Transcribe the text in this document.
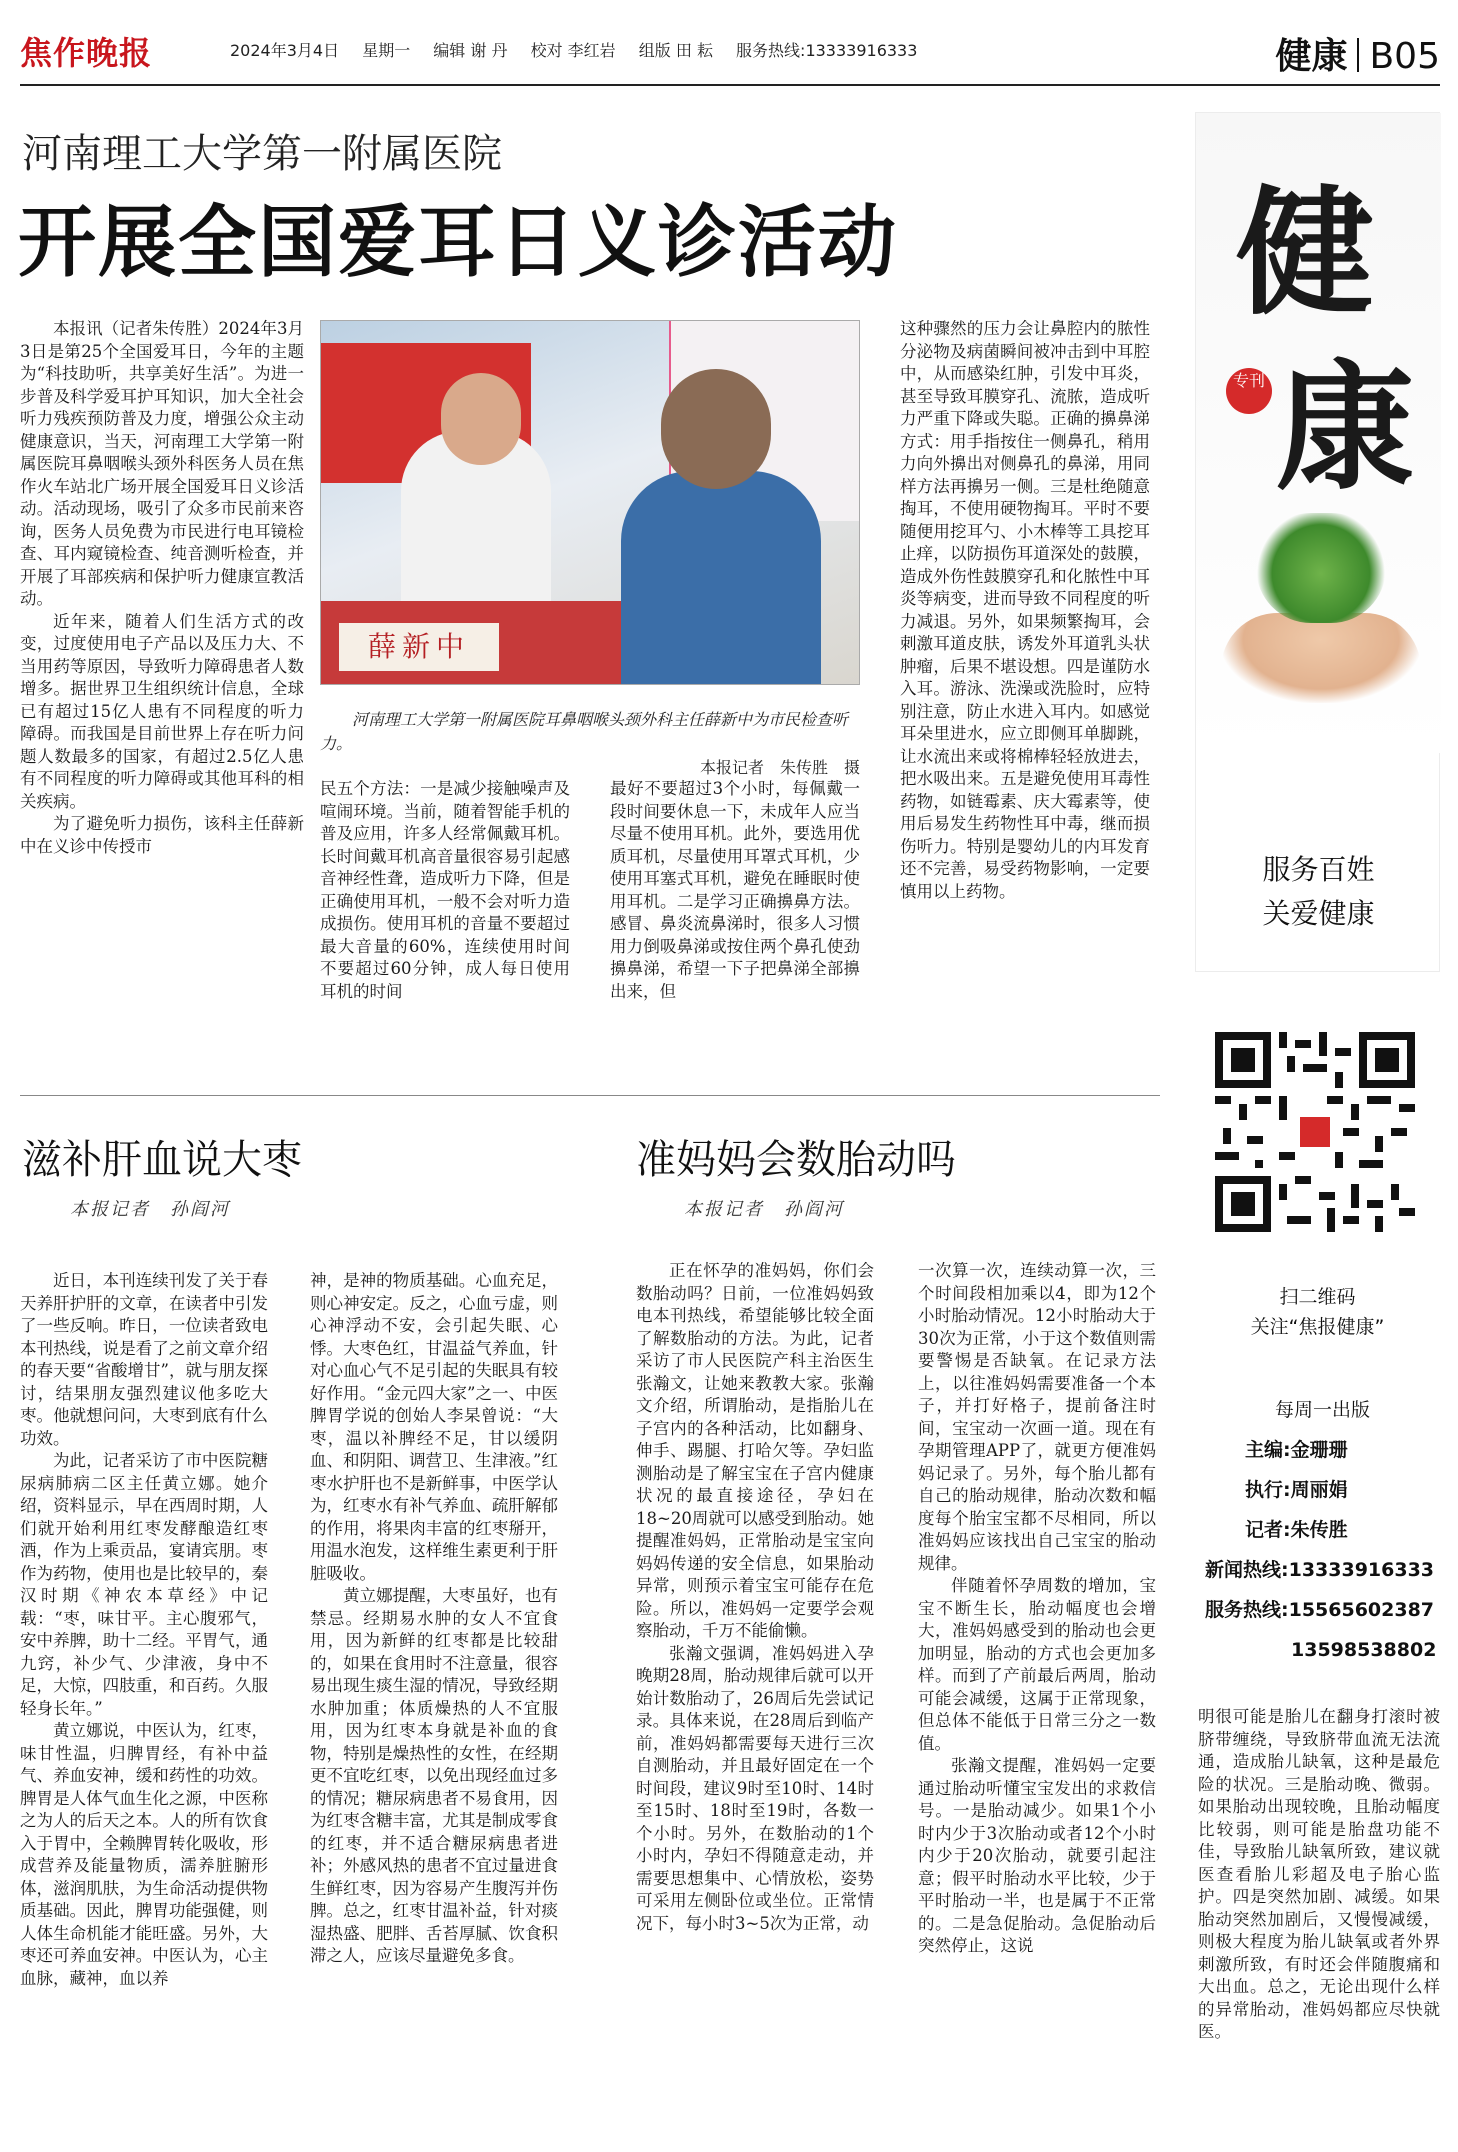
焦作晚报	2024年3月4日 星期一 编辑 谢 丹 校对 李红岩 组版 田 耘 服务热线:13333916333	健康 B05
河南理工大学第一附属医院
开展全国爱耳日义诊活动

本报讯（记者朱传胜）2024年3月3日是第25个全国爱耳日，今年的主题为“科技助听，共享美好生活”。为进一步普及科学爱耳护耳知识，加大全社会听力残疾预防普及力度，增强公众主动健康意识，当天，河南理工大学第一附属医院耳鼻咽喉头颈外科医务人员在焦作火车站北广场开展全国爱耳日义诊活动。活动现场，吸引了众多市民前来咨询，医务人员免费为市民进行电耳镜检查、耳内窥镜检查、纯音测听检查，并开展了耳部疾病和保护听力健康宣教活动。

近年来，随着人们生活方式的改变，过度使用电子产品以及压力大、不当用药等原因，导致听力障碍患者人数增多。据世界卫生组织统计信息，全球已有超过15亿人患有不同程度的听力障碍。而我国是目前世界上存在听力问题人数最多的国家，有超过2.5亿人患有不同程度的听力障碍或其他耳科的相关疾病。

为了避免听力损伤，该科主任薛新中在义诊中传授市

薛新中
河南理工大学第一附属医院耳鼻咽喉头颈外科主任薛新中为市民检查听力。
本报记者　朱传胜　摄

民五个方法：一是减少接触噪声及喧闹环境。当前，随着智能手机的普及应用，许多人经常佩戴耳机。长时间戴耳机高音量很容易引起感音神经性聋，造成听力下降，但是正确使用耳机，一般不会对听力造成损伤。使用耳机的音量不要超过最大音量的60%，连续使用时间不要超过60分钟，成人每日使用耳机的时间

最好不要超过3个小时，每佩戴一段时间要休息一下，未成年人应当尽量不使用耳机。此外，要选用优质耳机，尽量使用耳罩式耳机，少使用耳塞式耳机，避免在睡眠时使用耳机。二是学习正确擤鼻方法。感冒、鼻炎流鼻涕时，很多人习惯用力倒吸鼻涕或按住两个鼻孔使劲擤鼻涕，希望一下子把鼻涕全部擤出来，但

这种骤然的压力会让鼻腔内的脓性分泌物及病菌瞬间被冲击到中耳腔中，从而感染红肿，引发中耳炎，甚至导致耳膜穿孔、流脓，造成听力严重下降或失聪。正确的擤鼻涕方式：用手指按住一侧鼻孔，稍用力向外擤出对侧鼻孔的鼻涕，用同样方法再擤另一侧。三是杜绝随意掏耳，不使用硬物掏耳。平时不要随便用挖耳勺、小木棒等工具挖耳止痒，以防损伤耳道深处的鼓膜，造成外伤性鼓膜穿孔和化脓性中耳炎等病变，进而导致不同程度的听力减退。另外，如果频繁掏耳，会刺激耳道皮肤，诱发外耳道乳头状肿瘤，后果不堪设想。四是谨防水入耳。游泳、洗澡或洗脸时，应特别注意，防止水进入耳内。如感觉耳朵里进水，应立即侧耳单脚跳，让水流出来或将棉棒轻轻放进去，把水吸出来。五是避免使用耳毒性药物，如链霉素、庆大霉素等，使用后易发生药物性耳中毒，继而损伤听力。特别是婴幼儿的内耳发育还不完善，易受药物影响，一定要慎用以上药物。

滋补肝血说大枣
本报记者　孙阎河

近日，本刊连续刊发了关于春天养肝护肝的文章，在读者中引发了一些反响。昨日，一位读者致电本刊热线，说是看了之前文章介绍的春天要“省酸增甘”，就与朋友探讨，结果朋友强烈建议他多吃大枣。他就想问问，大枣到底有什么功效。

为此，记者采访了市中医院糖尿病肺病二区主任黄立娜。她介绍，资料显示，早在西周时期，人们就开始利用红枣发酵酿造红枣酒，作为上乘贡品，宴请宾朋。枣作为药物，使用也是比较早的，秦汉时期《神农本草经》中记载：“枣，味甘平。主心腹邪气，安中养脾，助十二经。平胃气，通九窍，补少气、少津液，身中不足，大惊，四肢重，和百药。久服轻身长年。”

黄立娜说，中医认为，红枣，味甘性温，归脾胃经，有补中益气、养血安神，缓和药性的功效。脾胃是人体气血生化之源，中医称之为人的后天之本。人的所有饮食入于胃中，全赖脾胃转化吸收，形成营养及能量物质，濡养脏腑形体，滋润肌肤，为生命活动提供物质基础。因此，脾胃功能强健，则人体生命机能才能旺盛。另外，大枣还可养血安神。中医认为，心主血脉，藏神，血以养

神，是神的物质基础。心血充足，则心神安定。反之，心血亏虚，则心神浮动不安，会引起失眠、心悸。大枣色红，甘温益气养血，针对心血心气不足引起的失眠具有较好作用。“金元四大家”之一、中医脾胃学说的创始人李杲曾说：“大枣，温以补脾经不足，甘以缓阴血、和阴阳、调营卫、生津液。”红枣水护肝也不是新鲜事，中医学认为，红枣水有补气养血、疏肝解郁的作用，将果肉丰富的红枣掰开，用温水泡发，这样维生素更利于肝脏吸收。

黄立娜提醒，大枣虽好，也有禁忌。经期易水肿的女人不宜食用，因为新鲜的红枣都是比较甜的，如果在食用时不注意量，很容易出现生痰生湿的情况，导致经期水肿加重；体质燥热的人不宜服用，因为红枣本身就是补血的食物，特别是燥热性的女性，在经期更不宜吃红枣，以免出现经血过多的情况；糖尿病患者不易食用，因为红枣含糖丰富，尤其是制成零食的红枣，并不适合糖尿病患者进补；外感风热的患者不宜过量进食生鲜红枣，因为容易产生腹泻并伤脾。总之，红枣甘温补益，针对痰湿热盛、肥胖、舌苔厚腻、饮食积滞之人，应该尽量避免多食。

准妈妈会数胎动吗
本报记者　孙阎河

正在怀孕的准妈妈，你们会数胎动吗？日前，一位准妈妈致电本刊热线，希望能够比较全面了解数胎动的方法。为此，记者采访了市人民医院产科主治医生张瀚文，让她来教教大家。张瀚文介绍，所谓胎动，是指胎儿在子宫内的各种活动，比如翻身、伸手、踢腿、打哈欠等。孕妇监测胎动是了解宝宝在子宫内健康状况的最直接途径，孕妇在18~20周就可以感受到胎动。她提醒准妈妈，正常胎动是宝宝向妈妈传递的安全信息，如果胎动异常，则预示着宝宝可能存在危险。所以，准妈妈一定要学会观察胎动，千万不能偷懒。

张瀚文强调，准妈妈进入孕晚期28周，胎动规律后就可以开始计数胎动了，26周后先尝试记录。具体来说，在28周后到临产前，准妈妈都需要每天进行三次自测胎动，并且最好固定在一个时间段，建议9时至10时、14时至15时、18时至19时，各数一个小时。另外，在数胎动的1个小时内，孕妇不得随意走动，并需要思想集中、心情放松，姿势可采用左侧卧位或坐位。正常情况下，每小时3~5次为正常，动

一次算一次，连续动算一次，三个时间段相加乘以4，即为12个小时胎动情况。12小时胎动大于30次为正常，小于这个数值则需要警惕是否缺氧。在记录方法上，以往准妈妈需要准备一个本子，并打好格子，提前备注时间，宝宝动一次画一道。现在有孕期管理APP了，就更方便准妈妈记录了。另外，每个胎儿都有自己的胎动规律，胎动次数和幅度每个胎宝宝都不尽相同，所以准妈妈应该找出自己宝宝的胎动规律。

伴随着怀孕周数的增加，宝宝不断生长，胎动幅度也会增大，准妈妈感受到的胎动也会更加明显，胎动的方式也会更加多样。而到了产前最后两周，胎动可能会减缓，这属于正常现象，但总体不能低于日常三分之一数值。

张瀚文提醒，准妈妈一定要通过胎动听懂宝宝发出的求救信号。一是胎动减少。如果1个小时内少于3次胎动或者12个小时内少于20次胎动，就要引起注意；假平时胎动水平比较，少于平时胎动一半，也是属于不正常的。二是急促胎动。急促胎动后突然停止，这说

明很可能是胎儿在翻身打滚时被脐带缠绕，导致脐带血流无法流通，造成胎儿缺氧，这种是最危险的状况。三是胎动晚、微弱。如果胎动出现较晚，且胎动幅度比较弱，则可能是胎盘功能不佳，导致胎儿缺氧所致，建议就医查看胎儿彩超及电子胎心监护。四是突然加剧、减缓。如果胎动突然加剧后，又慢慢减缓，则极大程度为胎儿缺氧或者外界刺激所致，有时还会伴随腹痛和大出血。总之，无论出现什么样的异常胎动，准妈妈都应尽快就医。

健
康
专刊
服务百姓
关爱健康
扫二维码
关注“焦报健康”
每周一出版
主编:金珊珊
执行:周丽娟
记者:朱传胜
新闻热线:13333916333
服务热线:15565602387
13598538802
